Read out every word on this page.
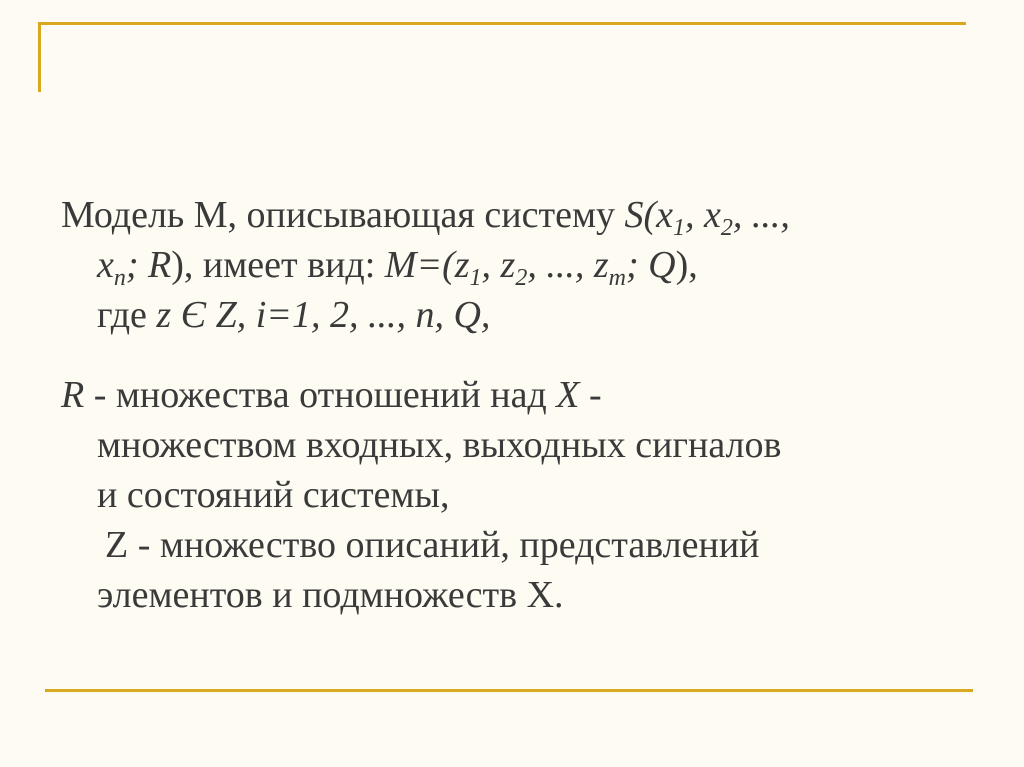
Модель М, описывающая систему $S(x_1$, $x_2$, ...,
$x_n$; R), имеет вид: $M=(z_1$, $z_2$, ..., $z_m$; Q),
где z Є Z, i=1, 2, ..., n, Q,
R - множества отношений над X -
множеством входных, выходных сигналов
и состояний системы,
Z - множество описаний, представлений
элементов и подмножеств X.
